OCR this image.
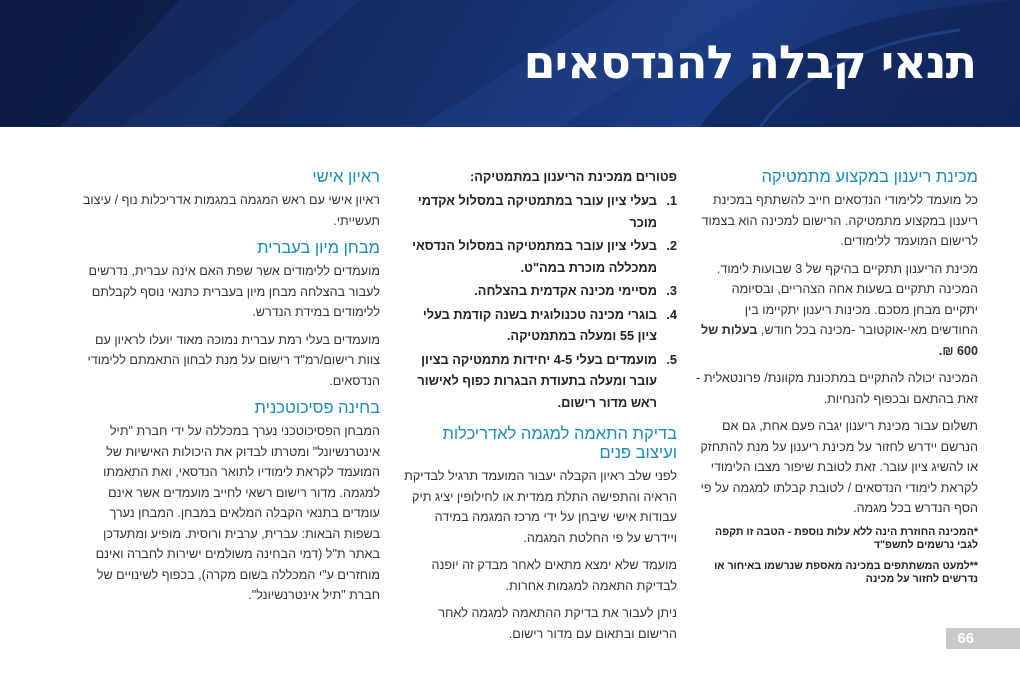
תנאי קבלה להנדסאים
מכינת ריענון במקצוע מתמטיקה

כל מועמד ללימודי הנדסאים חייב להשתתף במכינת ריענון במקצוע מתמטיקה. הרישום למכינה הוא בצמוד לרישום המועמד ללימודים.

מכינת הריענון תתקיים בהיקף של 3 שבועות לימוד. המכינה תתקיים בשעות אחה הצהריים, ובסיומה יתקיים מבחן מסכם. מכינות ריענון יתקיימו בין החודשים מאי-אוקטובר -מכינה בכל חודש, בעלות של 600 ₪.

המכינה יכולה להתקיים במתכונת מקוונת/ פרונטאלית - זאת בהתאם ובכפוף להנחיות.

תשלום עבור מכינת ריענון יגבה פעם אחת, גם אם הנרשם יידרש לחזור על מכינת ריענון על מנת להתחזק או להשיג ציון עובר. זאת לטובת שיפור מצבו הלימודי לקראת לימודי הנדסאים / לטובת קבלתו למגמה על פי הסף הנדרש בכל מגמה.

*המכינה החוזרת הינה ללא עלות נוספת - הטבה זו תקפה לגבי נרשמים לתשפ"ד
**למעט המשתתפים במכינה מאספת שנרשמו באיחור או נדרשים לחזור על מכינה
פטורים ממכינת הריענון במתמטיקה:
1.
בעלי ציון עובר במתמטיקה במסלול אקדמי מוכר
2.
בעלי ציון עובר במתמטיקה במסלול הנדסאי ממכללה מוכרת במה"ט.
3.
מסיימי מכינה אקדמית בהצלחה.
4.
בוגרי מכינה טכנולוגית בשנה קודמת בעלי ציון 55 ומעלה במתמטיקה.
5.
מועמדים בעלי 4-5 יחידות מתמטיקה בציון עובר ומעלה בתעודת הבגרות כפוף לאישור ראש מדור רישום.
בדיקת התאמה למגמה לאדריכלות ועיצוב פנים

לפני שלב ראיון הקבלה יעבור המועמד תרגיל לבדיקת הראיה והתפישה התלת ממדית או לחילופין יציג תיק עבודות אישי שיבחן על ידי מרכז המגמה במידה ויידרש על פי החלטת המגמה.

מועמד שלא ימצא מתאים לאחר מבדק זה יופנה לבדיקת התאמה למגמות אחרות.

ניתן לעבור את בדיקת ההתאמה למגמה לאחר הרישום ובתאום עם מדור רישום.

ראיון אישי

ראיון אישי עם ראש המגמה במגמות אדריכלות נוף / עיצוב תעשייתי.

מבחן מיון בעברית

מועמדים ללימודים אשר שפת האם אינה עברית, נדרשים לעבור בהצלחה מבחן מיון בעברית כתנאי נוסף לקבלתם ללימודים במידת הנדרש.

מועמדים בעלי רמת עברית נמוכה מאוד יועלו לראיון עם צוות רישום/רמ"ד רישום על מנת לבחון התאמתם ללימודי הנדסאים.

בחינה פסיכוטכנית

המבחן הפסיכוטכני נערך במכללה על ידי חברת "תיל אינטרנשיונל" ומטרתו לבדוק את היכולות האישיות של המועמד לקראת לימודיו לתואר הנדסאי, ואת התאמתו למגמה. מדור רישום רשאי לחייב מועמדים אשר אינם עומדים בתנאי הקבלה המלאים במבחן. המבחן נערך בשפות הבאות: עברית, ערבית ורוסית. מופיע ומתעדכן באתר ת"ל (דמי הבחינה משולמים ישירות לחברה ואינם מוחזרים ע"י המכללה בשום מקרה), בכפוף לשינויים של חברת "תיל אינטרנשיונל".

66
